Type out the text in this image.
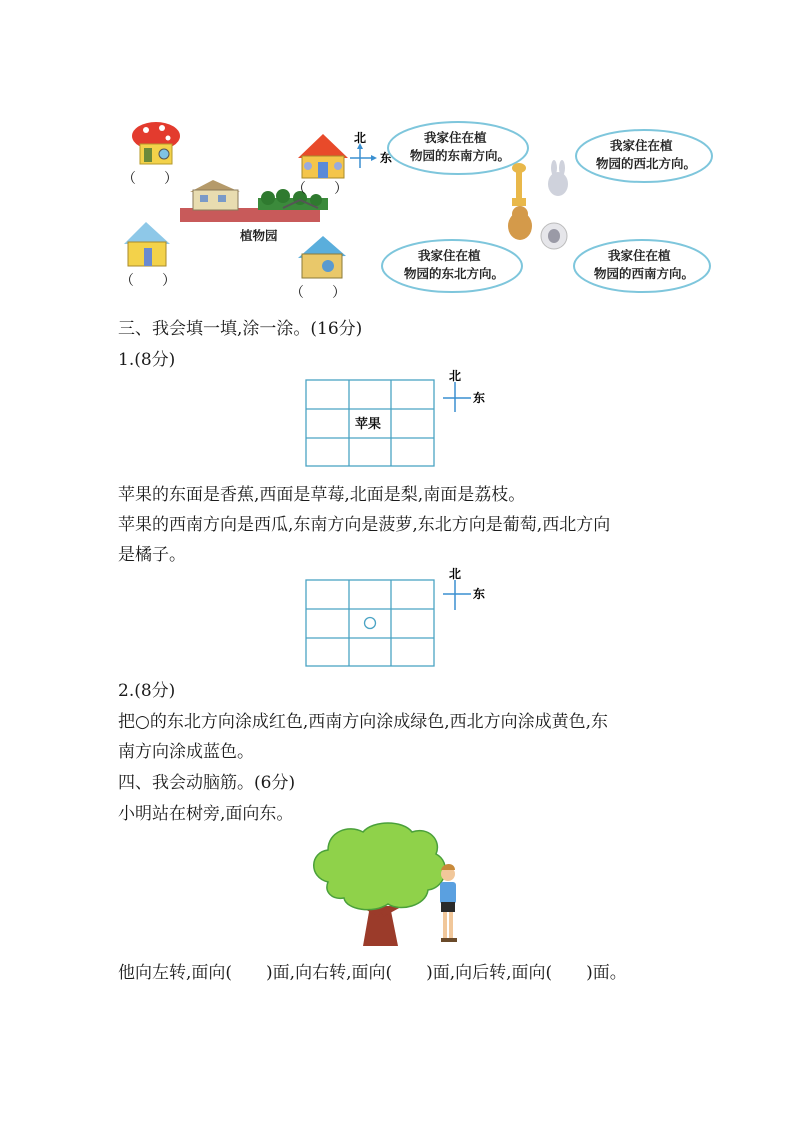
植物园
北
东
我家住在植
物园的东南方向。
我家住在植
物园的西北方向。
我家住在植
物园的东北方向。
我家住在植
物园的西南方向。
（　　）
（　　）
（　　）
（　　）
三、我会填一填,涂一涂。(16分)
1.(8分)
苹果
北
东
苹果的东面是香蕉,西面是草莓,北面是梨,南面是荔枝。
苹果的西南方向是西瓜,东南方向是菠萝,东北方向是葡萄,西北方向
是橘子。
北
东
2.(8分)
把○的东北方向涂成红色,西南方向涂成绿色,西北方向涂成黄色,东
南方向涂成蓝色。
四、我会动脑筋。(6分)
小明站在树旁,面向东。
他向左转,面向(　　)面,向右转,面向(　　)面,向后转,面向(　　)面。
